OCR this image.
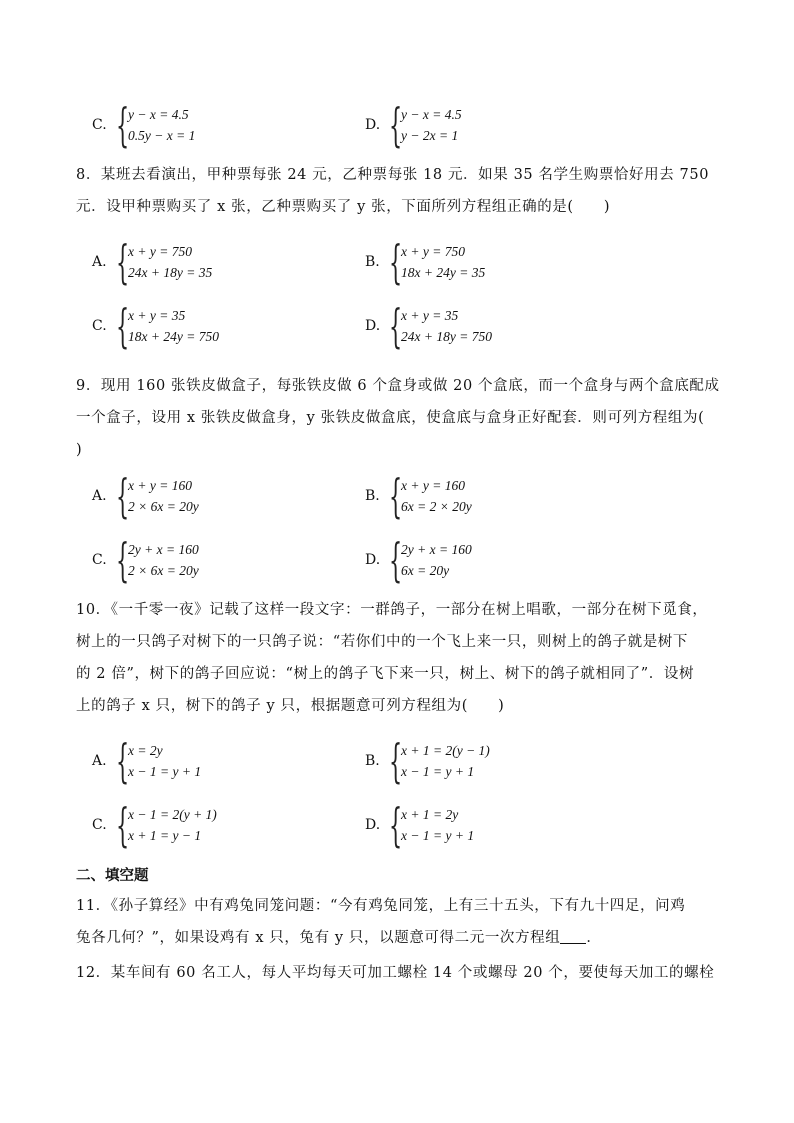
C. {
y − x = 4.5
0.5y − x = 1
D. {
y − x = 4.5
y − 2x = 1
8．某班去看演出，甲种票每张 24 元，乙种票每张 18 元．如果 35 名学生购票恰好用去 750
元．设甲种票购买了 x 张，乙种票购买了 y 张，下面所列方程组正确的是(　　)
A. {
x + y = 750
24x + 18y = 35
B. {
x + y = 750
18x + 24y = 35
C. {
x + y = 35
18x + 24y = 750
D. {
x + y = 35
24x + 18y = 750
9．现用 160 张铁皮做盒子，每张铁皮做 6 个盒身或做 20 个盒底，而一个盒身与两个盒底配成
一个盒子，设用 x 张铁皮做盒身，y 张铁皮做盒底，使盒底与盒身正好配套．则可列方程组为(
)
A. {
x + y = 160
2 × 6x = 20y
B. {
x + y = 160
6x = 2 × 20y
C. {
2y + x = 160
2 × 6x = 20y
D. {
2y + x = 160
6x = 20y
10．《一千零一夜》记载了这样一段文字：一群鸽子，一部分在树上唱歌，一部分在树下觅食，
树上的一只鸽子对树下的一只鸽子说：“若你们中的一个飞上来一只，则树上的鸽子就是树下
的 2 倍”，树下的鸽子回应说：“树上的鸽子飞下来一只，树上、树下的鸽子就相同了”．设树
上的鸽子 x 只，树下的鸽子 y 只，根据题意可列方程组为(　　)
A. {
x = 2y
x − 1 = y + 1
B. {
x + 1 = 2(y − 1)
x − 1 = y + 1
C. {
x − 1 = 2(y + 1)
x + 1 = y − 1
D. {
x + 1 = 2y
x − 1 = y + 1
二、填空题
11．《孙子算经》中有鸡兔同笼问题：“今有鸡兔同笼，上有三十五头，下有九十四足，问鸡
兔各几何？”，如果设鸡有 x 只，兔有 y 只，以题意可得二元一次方程组 ．
12．某车间有 60 名工人，每人平均每天可加工螺栓 14 个或螺母 20 个，要使每天加工的螺栓
